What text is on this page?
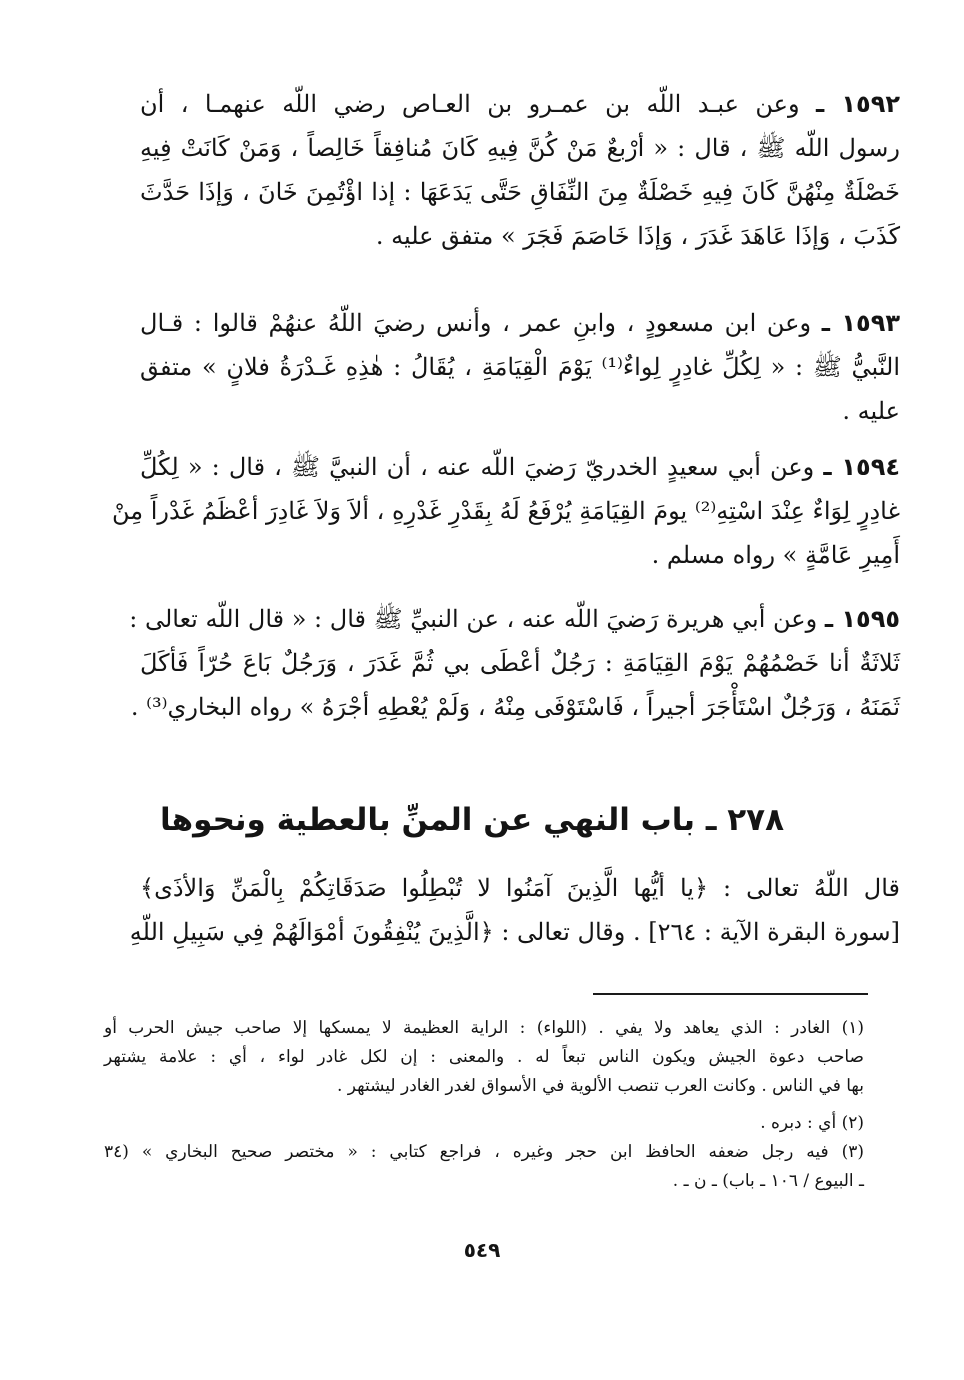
١٥٩٢ ـ وعن عبـد اللّه بن عمـرو بن العـاص رضي اللّه عنهمـا ، أن
رسول اللّه ﷺ ، قال : « أرْبعٌ مَنْ كُنَّ فِيهِ كَانَ مُنافِقاً خَالِصاً ، وَمَنْ كَانَتْ فِيهِ
خَصْلَةٌ مِنْهُنَّ كَانَ فِيهِ خَصْلَةٌ مِنَ النِّفَاقِ حَتَّى يَدَعَهَا : إذا اؤْتُمِنَ خَانَ ، وَإذَا حَدَّثَ
كَذَبَ ، وَإذَا عَاهَدَ غَدَرَ ، وَإذَا خَاصَمَ فَجَرَ » متفق عليه .
١٥٩٣ ـ وعن ابن مسعودٍ ، وابنِ عمر ، وأنس رضيَ اللّهُ عنهُمْ قالوا : قـال
النَّبيُّ ﷺ : « لِكُلِّ غادِرٍ لِواءٌ⁽¹⁾ يَوْمَ الْقِيَامَةِ ، يُقَالُ : هٰذِهِ غَـدْرَةُ فلانٍ » متفق
عليه .
١٥٩٤ ـ وعن أبي سعيدٍ الخدريّ رَضيَ اللّه عنه ، أن النبيَّ ﷺ ، قال : « لِكُلِّ
غادِرٍ لِوَاءٌ عِنْدَ اسْتِهِ⁽²⁾ يومَ القِيَامَةِ يُرْفَعُ لَهُ بِقَدْرِ غَدْرِهِ ، ألاَ وَلاَ غَادِرَ أعْظَمُ غَدْراً مِنْ
أَمِيرِ عَامَّةٍ » رواه مسلم .
١٥٩٥ ـ وعن أبي هريرة رَضيَ اللّه عنه ، عن النبيِّ ﷺ قال : « قال اللّه تعالى :
ثَلاثَةٌ أنا خَصْمُهُمْ يَوْمَ القِيَامَةِ : رَجُلٌ أعْطَى بي ثُمَّ غَدَرَ ، وَرَجُلٌ بَاعَ حُرّاً فَأكَلَ
ثَمَنَهُ ، وَرَجُلٌ اسْتَأْجَرَ أجيراً ، فَاسْتَوْفَى مِنْهُ ، وَلَمْ يُعْطِهِ أجْرَهُ » رواه البخاري⁽³⁾ .
٢٧٨ ـ باب النهي عن المنِّ بالعطية ونحوها
قال اللّهُ تعالى : ﴿يا أيُّها الَّذِينَ آمَنُوا لا تُبْطِلُوا صَدَقَاتِكُمْ بِالْمَنِّ وَالأذَى﴾
[سورة البقرة الآية : ٢٦٤] . وقال تعالى : ﴿الَّذِينَ يُنْفِقُونَ أمْوَالَهُمْ فِي سَبِيلِ اللّهِ
(١) الغادر : الذي يعاهد ولا يفي . (اللواء) : الراية العظيمة لا يمسكها إلا صاحب جيش الحرب أو
صاحب دعوة الجيش ويكون الناس تبعاً له . والمعنى : إن لكل غادر لواء ، أي : علامة يشتهر
بها في الناس . وكانت العرب تنصب الألوية في الأسواق لغدر الغادر ليشتهر .
(٢) أي : دبره .
(٣) فيه رجل ضعفه الحافظ ابن حجر وغيره ، فراجع كتابي : « مختصر صحيح البخاري » (٣٤
ـ البيوع / ١٠٦ ـ باب) ـ ن ـ .
٥٤٩
